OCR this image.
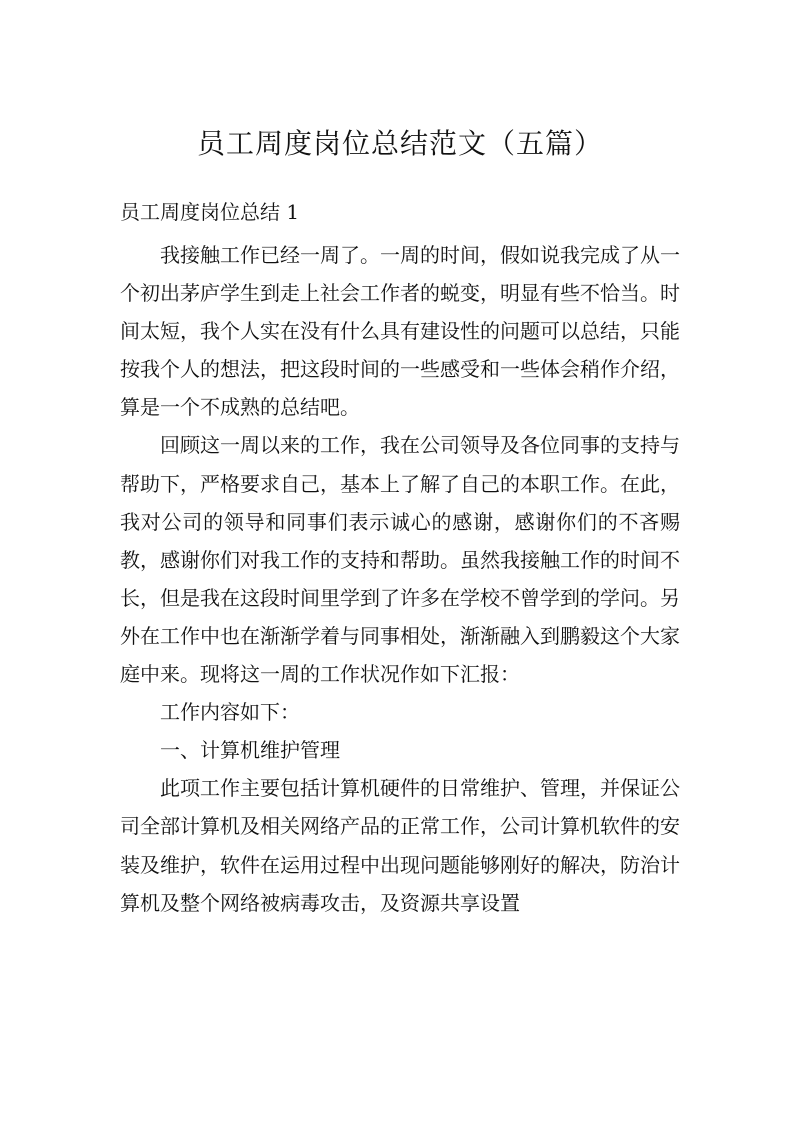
员工周度岗位总结范文（五篇）
员工周度岗位总结 1

我接触工作已经一周了。一周的时间，假如说我完成了从一个初出茅庐学生到走上社会工作者的蜕变，明显有些不恰当。时间太短，我个人实在没有什么具有建设性的问题可以总结，只能按我个人的想法，把这段时间的一些感受和一些体会稍作介绍，算是一个不成熟的总结吧。

回顾这一周以来的工作，我在公司领导及各位同事的支持与帮助下，严格要求自己，基本上了解了自己的本职工作。在此，我对公司的领导和同事们表示诚心的感谢，感谢你们的不吝赐教，感谢你们对我工作的支持和帮助。虽然我接触工作的时间不长，但是我在这段时间里学到了许多在学校不曾学到的学问。另外在工作中也在渐渐学着与同事相处，渐渐融入到鹏毅这个大家庭中来。现将这一周的工作状况作如下汇报：

工作内容如下：

一、计算机维护管理

此项工作主要包括计算机硬件的日常维护、管理，并保证公司全部计算机及相关网络产品的正常工作，公司计算机软件的安装及维护，软件在运用过程中出现问题能够刚好的解决，防治计算机及整个网络被病毒攻击，及资源共享设置
